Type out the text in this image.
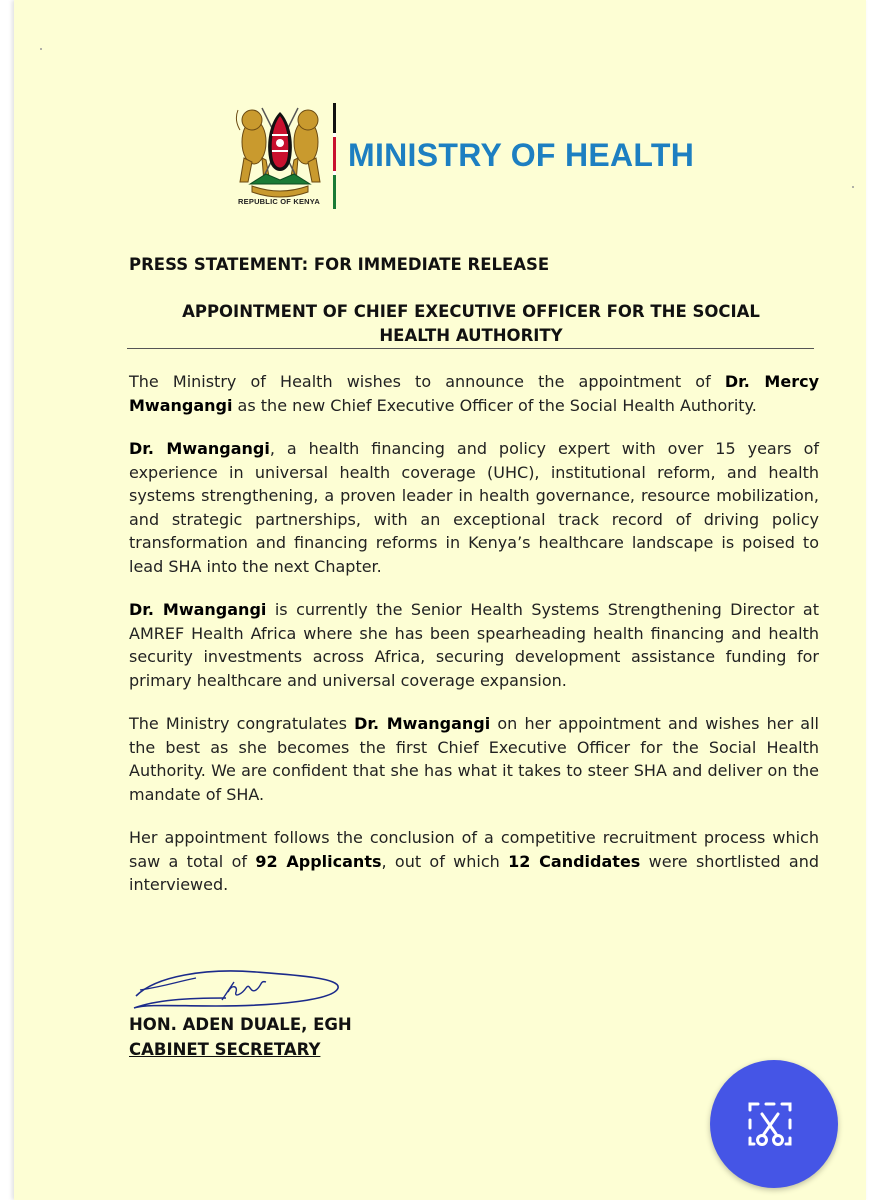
REPUBLIC OF KENYA
MINISTRY OF HEALTH
PRESS STATEMENT: FOR IMMEDIATE RELEASE
APPOINTMENT OF CHIEF EXECUTIVE OFFICER FOR THE SOCIAL
HEALTH AUTHORITY

The Ministry of Health wishes to announce the appointment of Dr. Mercy Mwangangi as the new Chief Executive Officer of the Social Health Authority.

Dr. Mwangangi, a health financing and policy expert with over 15 years of experience in universal health coverage (UHC), institutional reform, and health systems strengthening, a proven leader in health governance, resource mobilization, and strategic partnerships, with an exceptional track record of driving policy transformation and financing reforms in Kenya’s healthcare landscape is poised to lead SHA into the next Chapter.

Dr. Mwangangi is currently the Senior Health Systems Strengthening Director at AMREF Health Africa where she has been spearheading health financing and health security investments across Africa, securing development assistance funding for primary healthcare and universal coverage expansion.

The Ministry congratulates Dr. Mwangangi on her appointment and wishes her all the best as she becomes the first Chief Executive Officer for the Social Health Authority. We are confident that she has what it takes to steer SHA and deliver on the mandate of SHA.

Her appointment follows the conclusion of a competitive recruitment process which saw a total of 92 Applicants, out of which 12 Candidates were shortlisted and interviewed.

HON. ADEN DUALE, EGH
CABINET SECRETARY
